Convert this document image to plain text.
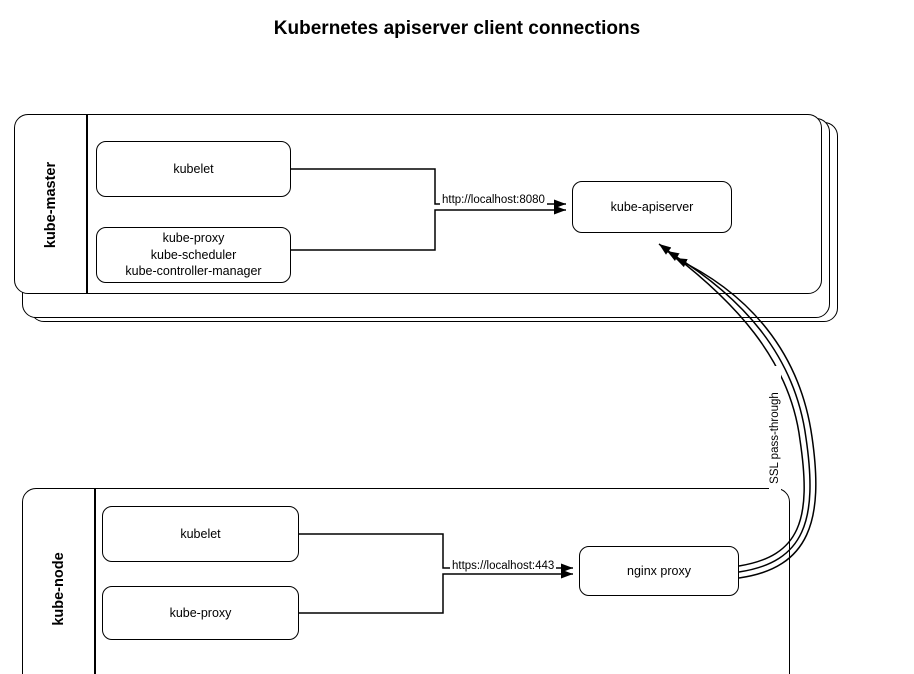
Kubernetes apiserver client connections
kube-master	kubelet
kube-proxy
kube-scheduler
kube-controller-manager
kube-apiserver
kube-node
kubelet
kube-proxy
nginx proxy
http://localhost:8080
https://localhost:443
SSL pass-through
